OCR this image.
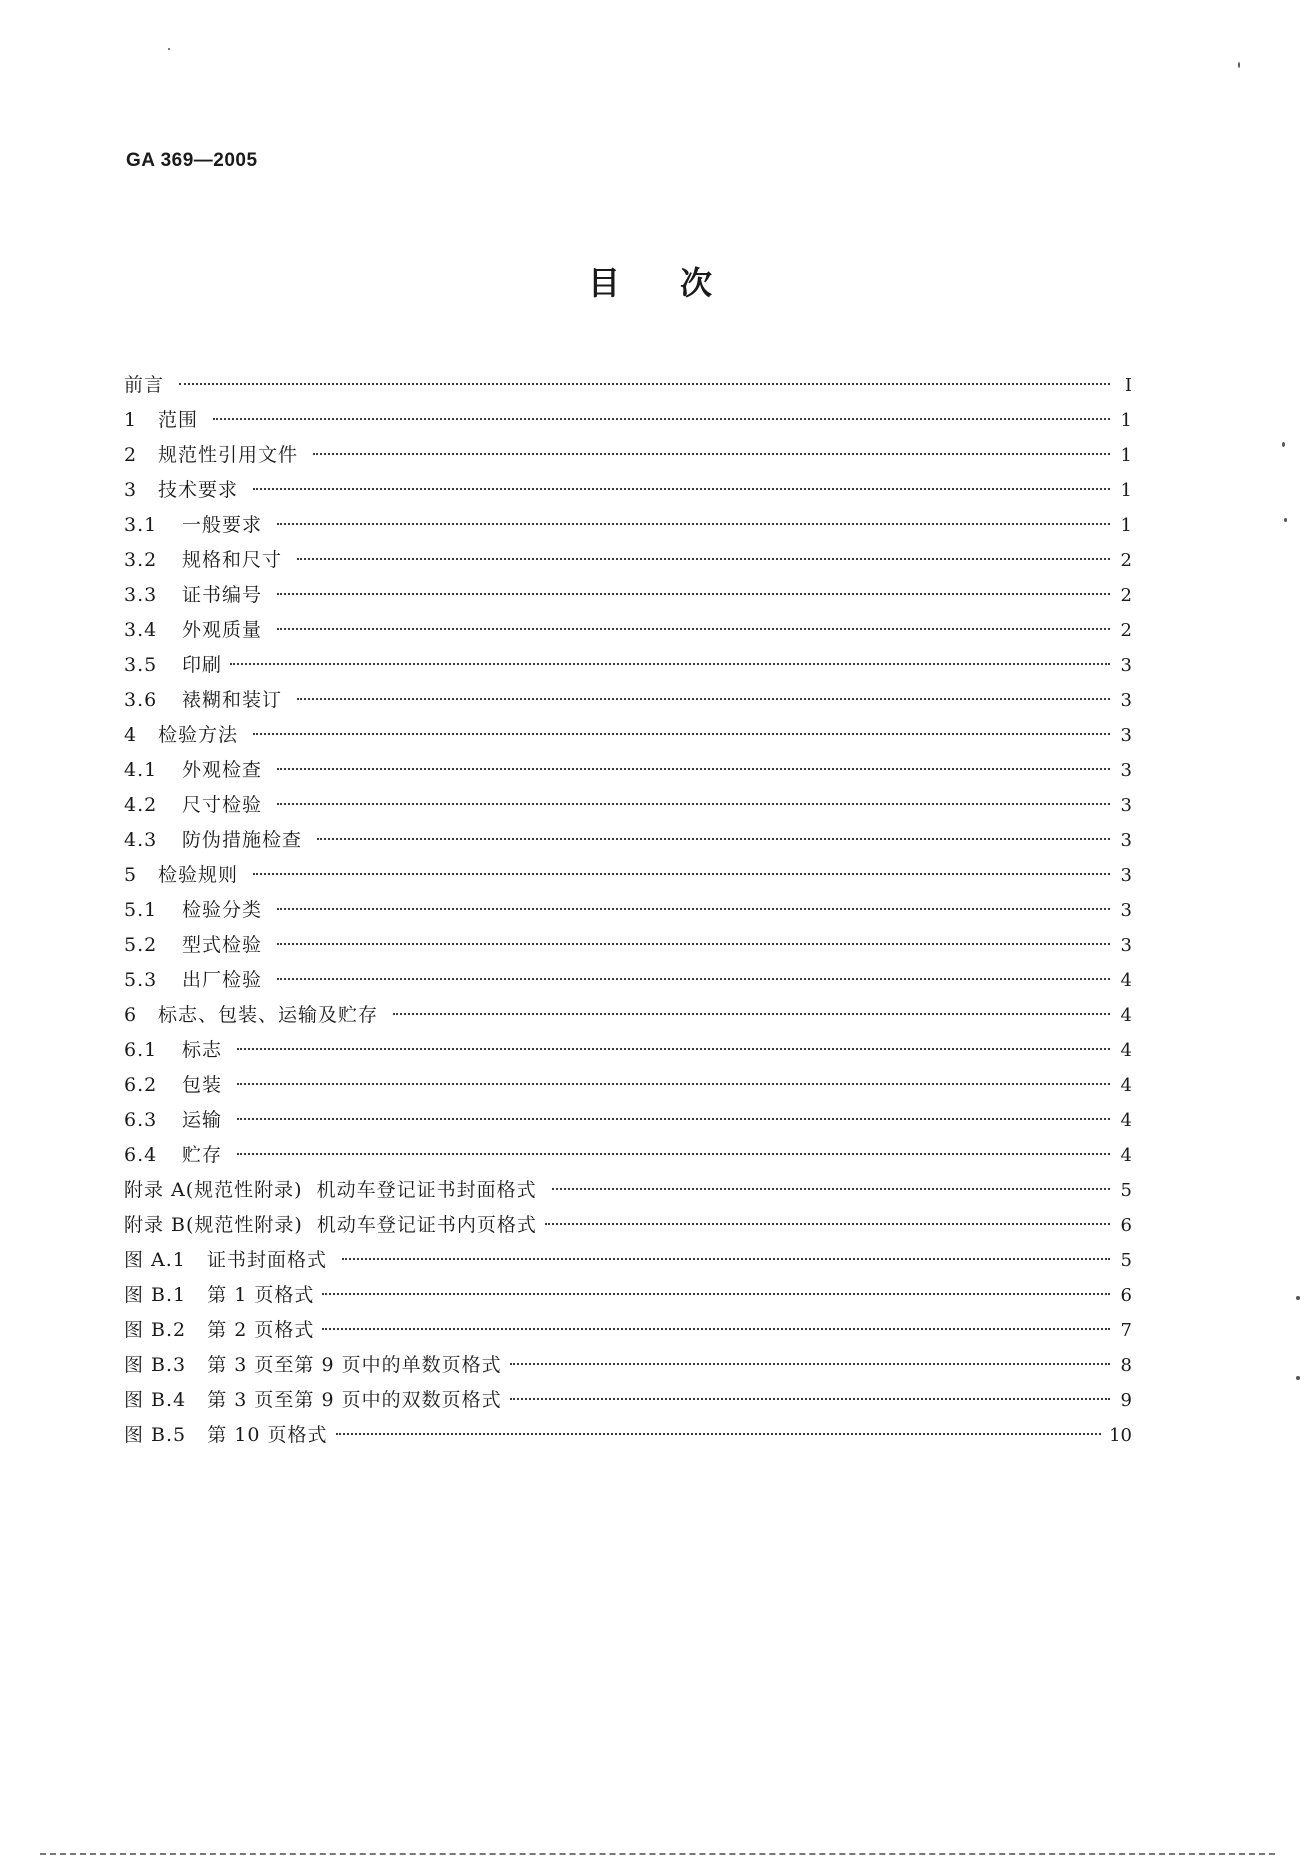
GA 369—2005
目次
前言	I
1	范围	1
2	规范性引用文件	1
3	技术要求	1
3.1	一般要求	1
3.2	规格和尺寸	2
3.3	证书编号	2
3.4	外观质量	2
3.5	印刷	3
3.6	裱糊和装订	3
4	检验方法	3
4.1	外观检查	3
4.2	尺寸检验	3
4.3	防伪措施检查	3
5	检验规则	3
5.1	检验分类	3
5.2	型式检验	3
5.3	出厂检验	4
6	标志、包装、运输及贮存	4
6.1	标志	4
6.2	包装	4
6.3	运输	4
6.4	贮存	4
附录 A(规范性附录)  机动车登记证书封面格式	5
附录 B(规范性附录)  机动车登记证书内页格式	6
图 A.1   证书封面格式	5
图 B.1   第 1 页格式	6
图 B.2   第 2 页格式	7
图 B.3   第 3 页至第 9 页中的单数页格式	8
图 B.4   第 3 页至第 9 页中的双数页格式	9
图 B.5   第 10 页格式	10
